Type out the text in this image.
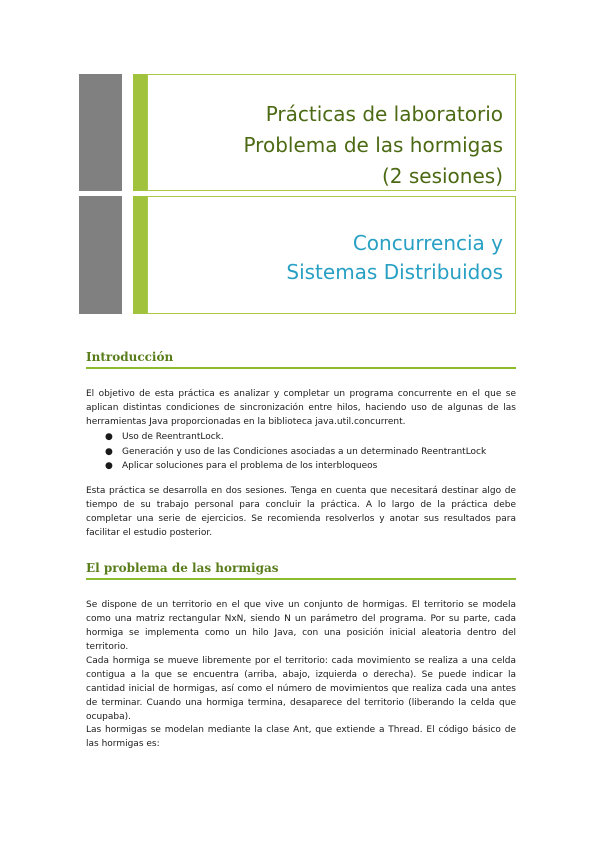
Prácticas de laboratorio
Problema de las hormigas
(2 sesiones)
Concurrencia y
Sistemas Distribuidos
Introducción

El objetivo de esta práctica es analizar y completar un programa concurrente en el que se aplican distintas condiciones de sincronización entre hilos, haciendo uso de algunas de las herramientas Java proporcionadas en la biblioteca java.util.concurrent.

● Uso de ReentrantLock.
● Generación y uso de las Condiciones asociadas a un determinado ReentrantLock
● Aplicar soluciones para el problema de los interbloqueos

Esta práctica se desarrolla en dos sesiones. Tenga en cuenta que necesitará destinar algo de tiempo de su trabajo personal para concluir la práctica. A lo largo de la práctica debe completar una serie de ejercicios. Se recomienda resolverlos y anotar sus resultados para facilitar el estudio posterior.

El problema de las hormigas

Se dispone de un territorio en el que vive un conjunto de hormigas. El territorio se modela como una matriz rectangular NxN, siendo N un parámetro del programa. Por su parte, cada hormiga se implementa como un hilo Java, con una posición inicial aleatoria dentro del territorio.

Cada hormiga se mueve libremente por el territorio: cada movimiento se realiza a una celda contigua a la que se encuentra (arriba, abajo, izquierda o derecha). Se puede indicar la cantidad inicial de hormigas, así como el número de movimientos que realiza cada una antes de terminar. Cuando una hormiga termina, desaparece del territorio (liberando la celda que ocupaba).

Las hormigas se modelan mediante la clase Ant, que extiende a Thread. El código básico de las hormigas es:
